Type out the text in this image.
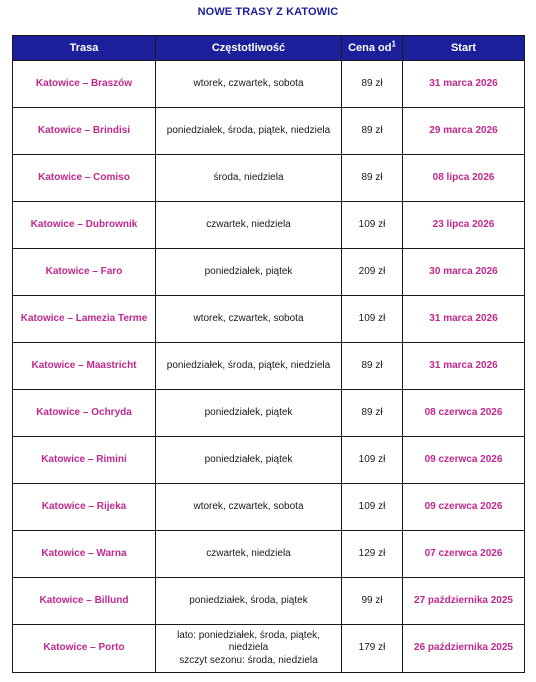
NOWE TRASY Z KATOWIC
Trasa	Częstotliwość	Cena $od^1$	Start
Katowice – Braszów	wtorek, czwartek, sobota	89 zł	31 marca 2026
Katowice – Brindisi	poniedziałek, środa, piątek, niedziela	89 zł	29 marca 2026
Katowice – Comiso	środa, niedziela	89 zł	08 lipca 2026
Katowice – Dubrownik	czwartek, niedziela	109 zł	23 lipca 2026
Katowice – Faro	poniedziałek, piątek	209 zł	30 marca 2026
Katowice – Lamezia Terme	wtorek, czwartek, sobota	109 zł	31 marca 2026
Katowice – Maastricht	poniedziałek, środa, piątek, niedziela	89 zł	31 marca 2026
Katowice – Ochryda	poniedziałek, piątek	89 zł	08 czerwca 2026
Katowice – Rimini	poniedziałek, piątek	109 zł	09 czerwca 2026
Katowice – Rijeka	wtorek, czwartek, sobota	109 zł	09 czerwca 2026
Katowice – Warna	czwartek, niedziela	129 zł	07 czerwca 2026
Katowice – Billund	poniedziałek, środa, piątek	99 zł	27 października 2025
Katowice – Porto	lato: poniedziałek, środa, piątek,
niedziela
szczyt sezonu: środa, niedziela	179 zł	26 października 2025
